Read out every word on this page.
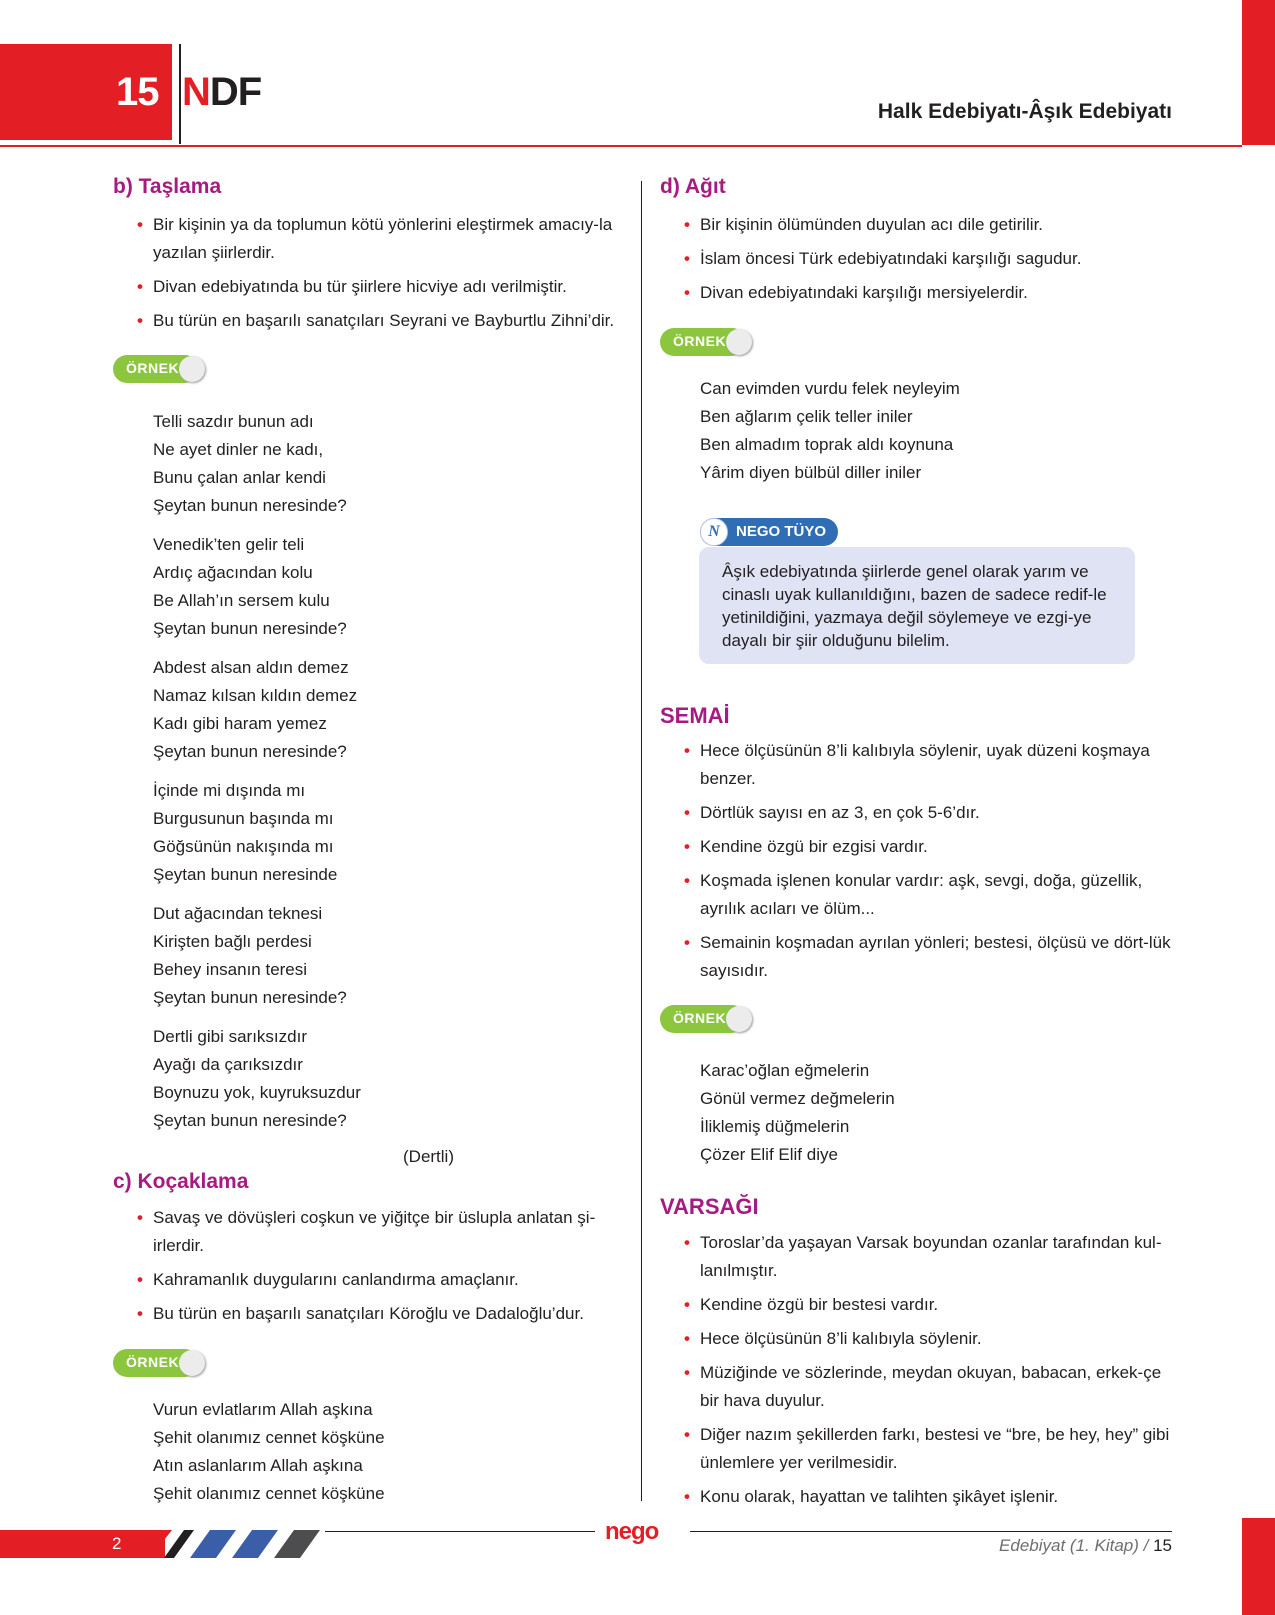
15 NDF	Halk Edebiyatı-Âşık Edebiyatı
b) Taşlama
• Bir kişinin ya da toplumun kötü yönlerini eleştirmek amacıy-la yazılan şiirlerdir.
• Divan edebiyatında bu tür şiirlere hicviye adı verilmiştir.
• Bu türün en başarılı sanatçıları Seyrani ve Bayburtlu Zihni’dir.
ÖRNEK
Telli sazdır bunun adı
Ne ayet dinler ne kadı,
Bunu çalan anlar kendi
Şeytan bunun neresinde?
Venedik’ten gelir teli
Ardıç ağacından kolu
Be Allah’ın sersem kulu
Şeytan bunun neresinde?
Abdest alsan aldın demez
Namaz kılsan kıldın demez
Kadı gibi haram yemez
Şeytan bunun neresinde?
İçinde mi dışında mı
Burgusunun başında mı
Göğsünün nakışında mı
Şeytan bunun neresinde
Dut ağacından teknesi
Kirişten bağlı perdesi
Behey insanın teresi
Şeytan bunun neresinde?
Dertli gibi sarıksızdır
Ayağı da çarıksızdır
Boynuzu yok, kuyruksuzdur
Şeytan bunun neresinde?
(Dertli)
c) Koçaklama
• Savaş ve dövüşleri coşkun ve yiğitçe bir üslupla anlatan şi-irlerdir.
• Kahramanlık duygularını canlandırma amaçlanır.
• Bu türün en başarılı sanatçıları Köroğlu ve Dadaloğlu’dur.
ÖRNEK
Vurun evlatlarım Allah aşkına
Şehit olanımız cennet köşküne
Atın aslanlarım Allah aşkına
Şehit olanımız cennet köşküne
d) Ağıt
• Bir kişinin ölümünden duyulan acı dile getirilir.
• İslam öncesi Türk edebiyatındaki karşılığı sagudur.
• Divan edebiyatındaki karşılığı mersiyelerdir.
ÖRNEK
Can evimden vurdu felek neyleyim
Ben ağlarım çelik teller iniler
Ben almadım toprak aldı koynuna
Yârim diyen bülbül diller iniler
NEGO TÜYO
N
Âşık edebiyatında şiirlerde genel olarak yarım ve cinaslı uyak kullanıldığını, bazen de sadece redif-le yetinildiğini, yazmaya değil söylemeye ve ezgi-ye dayalı bir şiir olduğunu bilelim.
SEMAİ
• Hece ölçüsünün 8’li kalıbıyla söylenir, uyak düzeni koşmaya benzer.
• Dörtlük sayısı en az 3, en çok 5-6’dır.
• Kendine özgü bir ezgisi vardır.
• Koşmada işlenen konular vardır: aşk, sevgi, doğa, güzellik, ayrılık acıları ve ölüm...
• Semainin koşmadan ayrılan yönleri; bestesi, ölçüsü ve dört-lük sayısıdır.
ÖRNEK
Karac’oğlan eğmelerin
Gönül vermez değmelerin
İliklemiş düğmelerin
Çözer Elif Elif diye
VARSAĞI
• Toroslar’da yaşayan Varsak boyundan ozanlar tarafından kul-lanılmıştır.
• Kendine özgü bir bestesi vardır.
• Hece ölçüsünün 8’li kalıbıyla söylenir.
• Müziğinde ve sözlerinde, meydan okuyan, babacan, erkek-çe bir hava duyulur.
• Diğer nazım şekillerden farkı, bestesi ve “bre, be hey, hey” gibi ünlemlere yer verilmesidir.
• Konu olarak, hayattan ve talihten şikâyet işlenir.
2	nego
Edebiyat (1. Kitap) / 15
